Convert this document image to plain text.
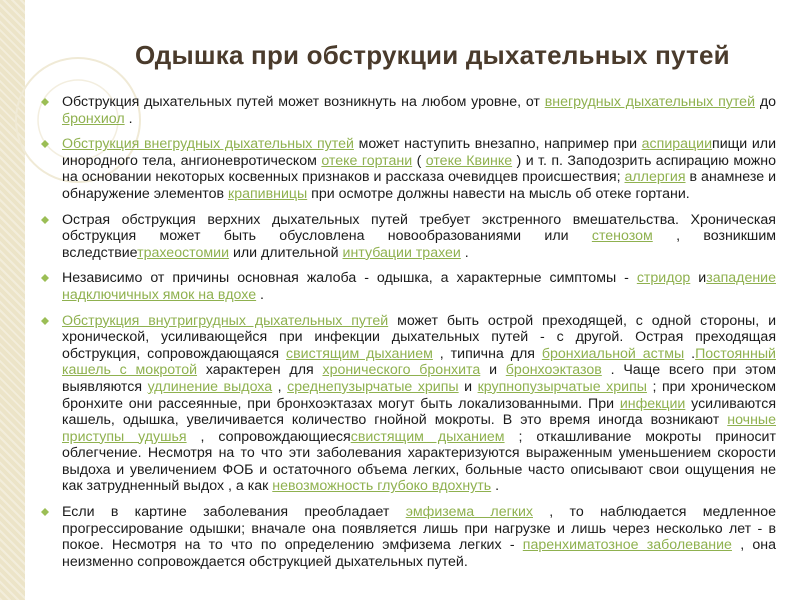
Одышка при обструкции дыхательных путей
Обструкция дыхательных путей может возникнуть на любом уровне, от внегрудных дыхательных путей до бронхиол .
Обструкция внегрудных дыхательных путей может наступить внезапно, например при аспирациипищи или инородного тела, ангионевротическом отеке гортани ( отеке Квинке ) и т. п. Заподозрить аспирацию можно на основании некоторых косвенных признаков и рассказа очевидцев происшествия; аллергия в анамнезе и обнаружение элементов крапивницы при осмотре должны навести на мысль об отеке гортани.
Острая обструкция верхних дыхательных путей требует экстренного вмешательства. Хроническая обструкция может быть обусловлена новообразованиями или стенозом , возникшим вследствиетрахеостомии или длительной интубации трахеи .
Независимо от причины основная жалоба - одышка, а характерные симптомы - стридор изападение надключичных ямок на вдохе .
Обструкция внутригрудных дыхательных путей может быть острой преходящей, с одной стороны, и хронической, усиливающейся при инфекции дыхательных путей - с другой. Острая преходящая обструкция, сопровождающаяся свистящим дыханием , типична для бронхиальной астмы .Постоянный кашель с мокротой характерен для хронического бронхита и бронхоэктазов . Чаще всего при этом выявляются удлинение выдоха , среднепузырчатые хрипы и крупнопузырчатые хрипы ; при хроническом бронхите они рассеянные, при бронхоэктазах могут быть локализованными. При инфекции усиливаются кашель, одышка, увеличивается количество гнойной мокроты. В это время иногда возникают ночные приступы удушья , сопровождающиесясвистящим дыханием ; откашливание мокроты приносит облегчение. Несмотря на то что эти заболевания характеризуются выраженным уменьшением скорости выдоха и увеличением ФОБ и остаточного объема легких, больные часто описывают свои ощущения не как затрудненный выдох , а как невозможность глубоко вдохнуть .
Если в картине заболевания преобладает эмфизема легких , то наблюдается медленное прогрессирование одышки; вначале она появляется лишь при нагрузке и лишь через несколько лет - в покое. Несмотря на то что по определению эмфизема легких - паренхиматозное заболевание , она неизменно сопровождается обструкцией дыхательных путей.
